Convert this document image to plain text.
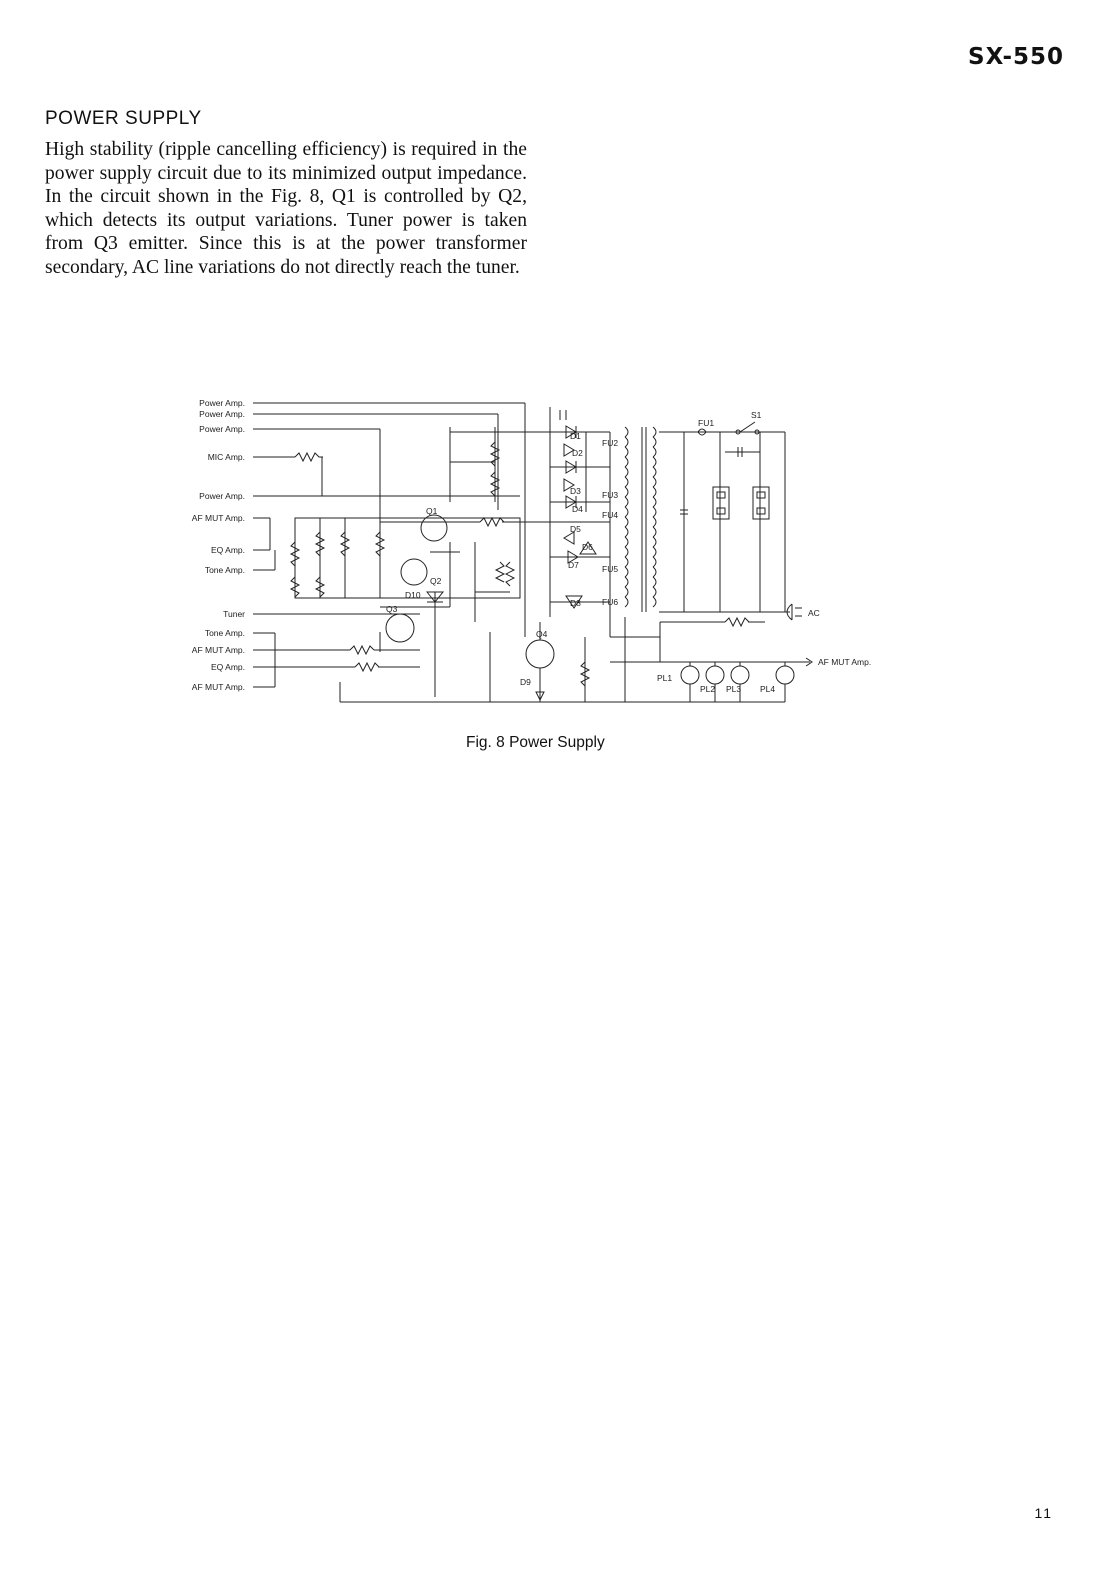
SX-550
POWER SUPPLY

High stability (ripple cancelling efficiency) is required in the power supply circuit due to its minimized output impedance. In the circuit shown in the Fig. 8, Q1 is controlled by Q2, which detects its output variations. Tuner power is taken from Q3 emitter. Since this is at the power transformer secondary, AC line variations do not directly reach the tuner.

Power Amp.
Power Amp.
Power Amp.
MIC Amp.
Power Amp.
AF MUT Amp.
EQ Amp.
Tone Amp.
Tuner
Tone Amp.
AF MUT Amp.
EQ Amp.
AF MUT Amp.
Q1
Q2
Q3
Q4
D1
D2
D3
D4
D5
D6
D7
D8
D9
D10
FU1
FU2
FU3
FU4
FU5
FU6
S1
PL1
PL2 PL3 PL4
AC
AF MUT Amp.
Fig. 8 Power Supply
11
